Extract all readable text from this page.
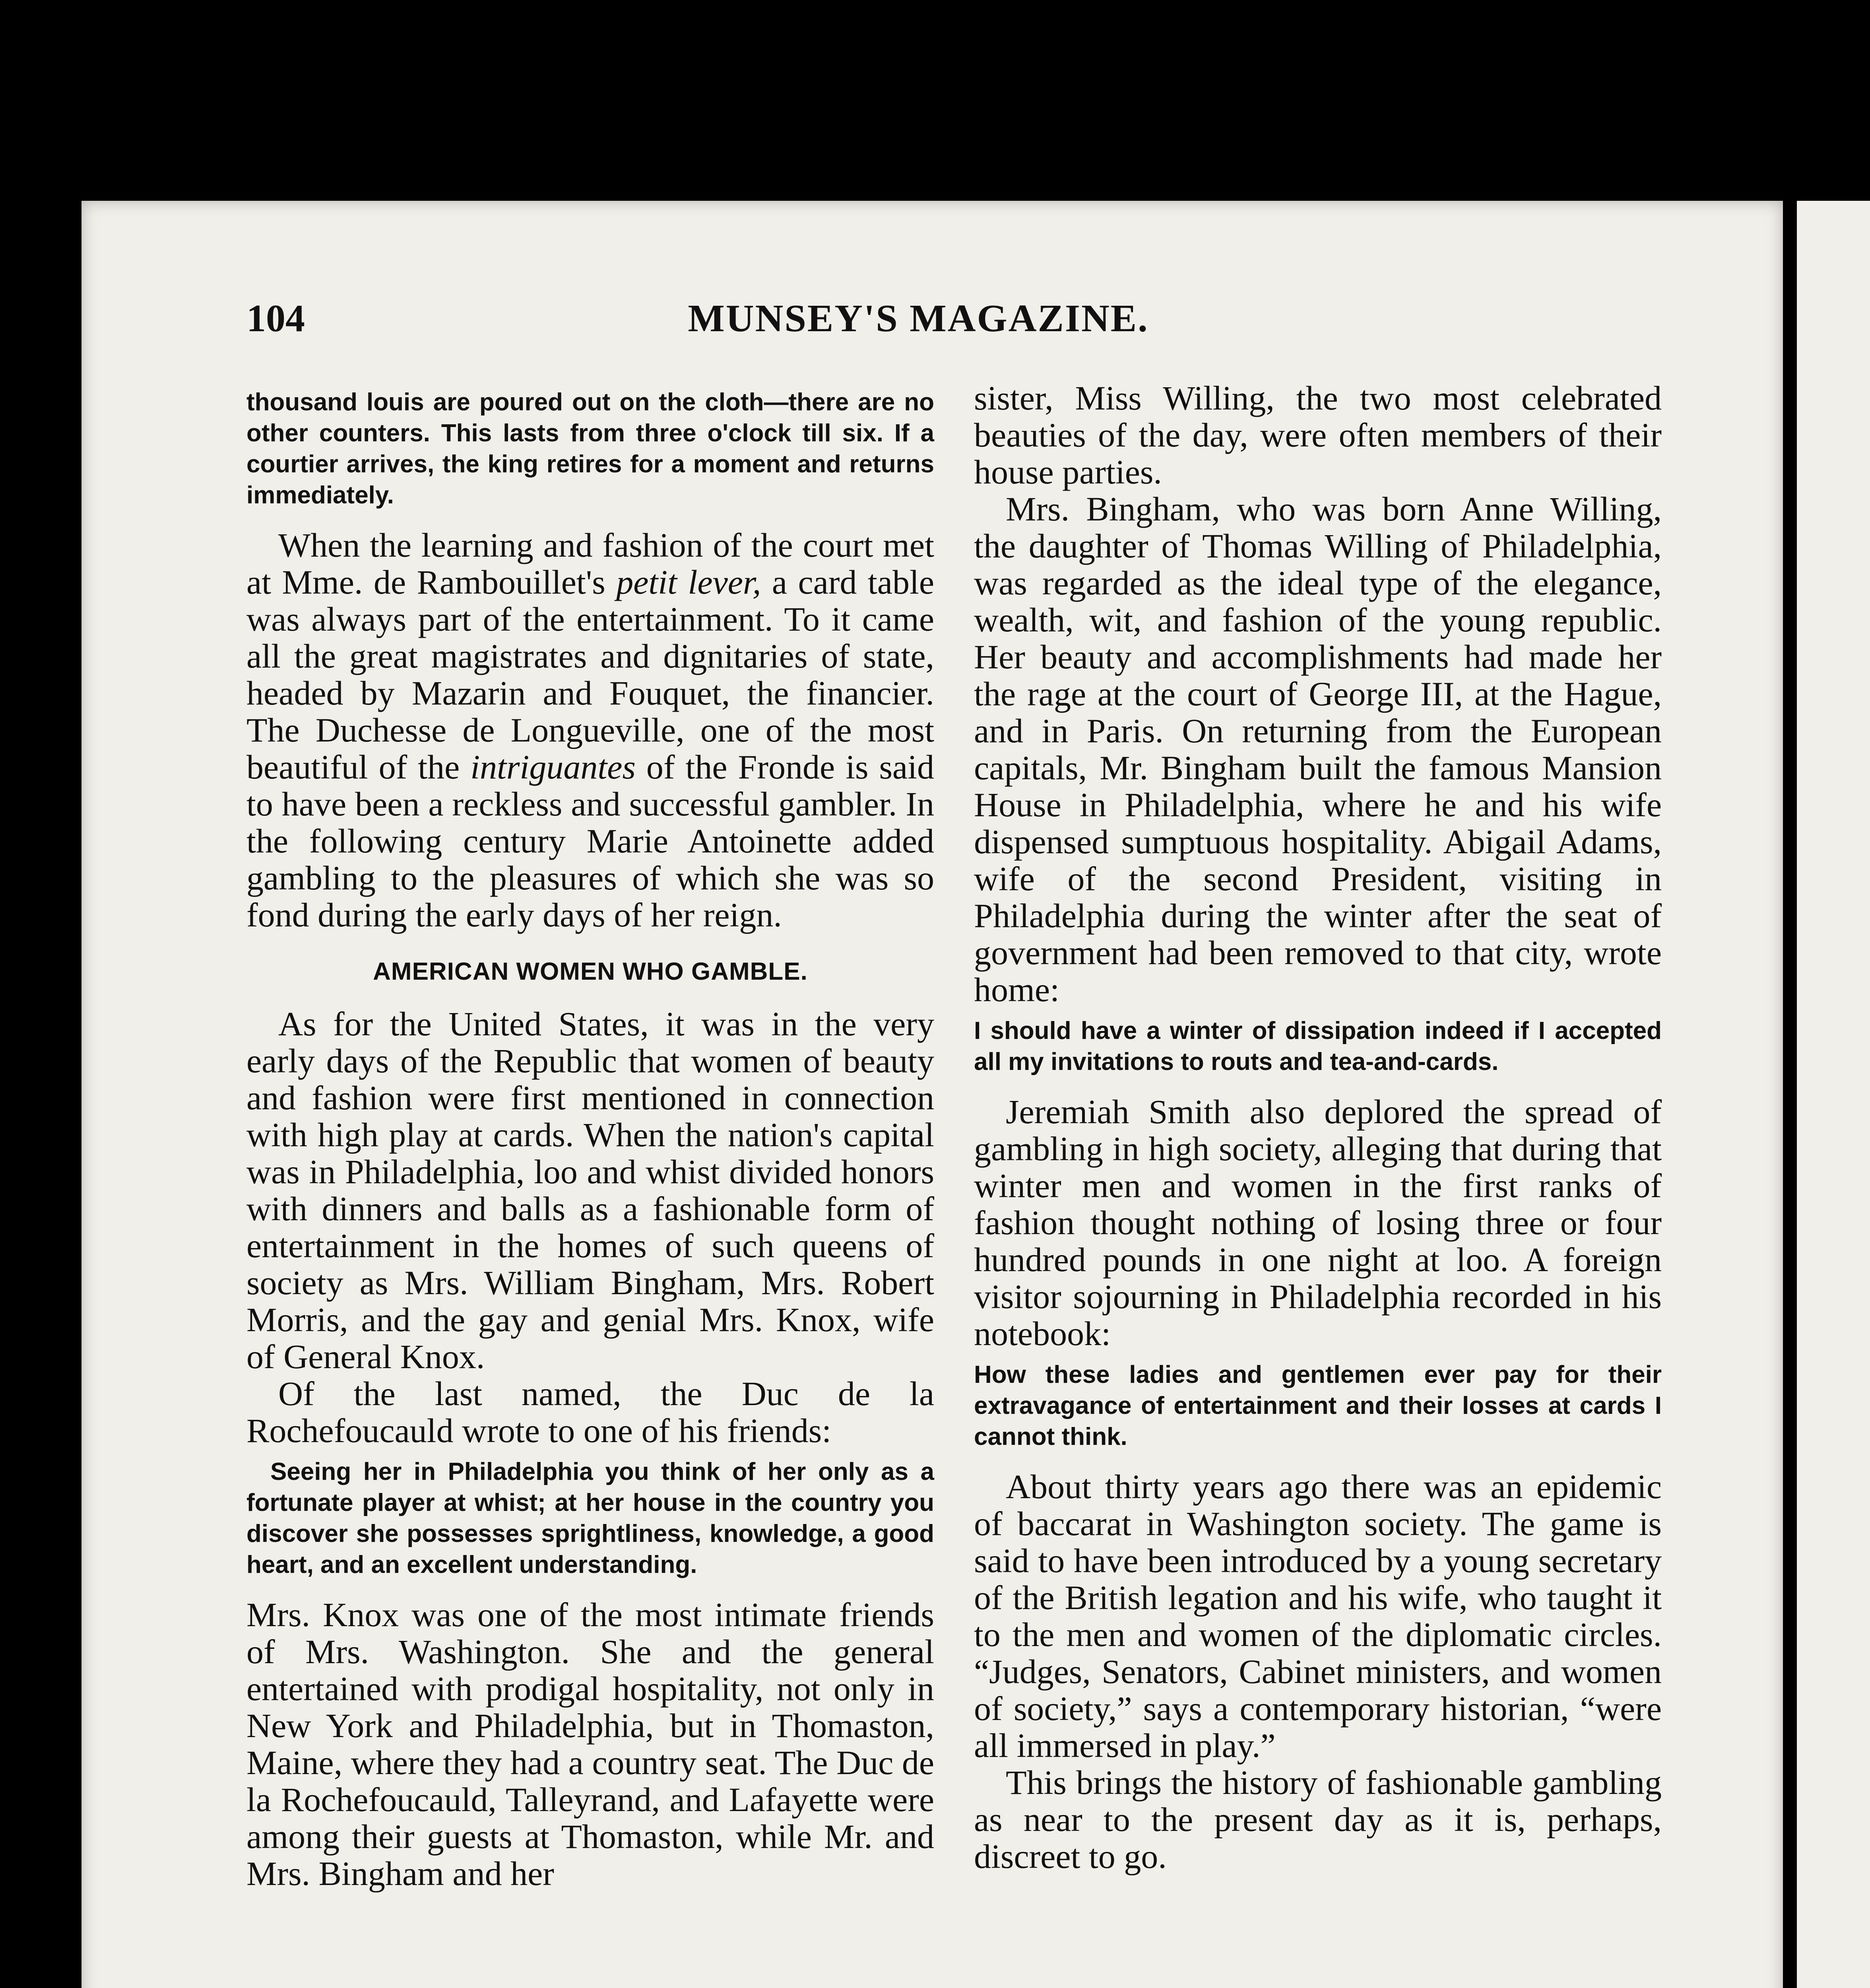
104	MUNSEY'S MAGAZINE.

thousand louis are poured out on the cloth—there are no other counters. This lasts from three o'clock till six. If a courtier arrives, the king retires for a moment and returns immediately.

When the learning and fashion of the court met at Mme. de Rambouillet's petit lever, a card table was always part of the entertainment. To it came all the great magistrates and dignitaries of state, headed by Mazarin and Fouquet, the financier. The Duchesse de Longueville, one of the most beautiful of the intriguantes of the Fronde is said to have been a reckless and successful gambler. In the following century Marie Antoinette added gambling to the pleasures of which she was so fond during the early days of her reign.

AMERICAN WOMEN WHO GAMBLE.

As for the United States, it was in the very early days of the Republic that women of beauty and fashion were first mentioned in connection with high play at cards. When the nation's capital was in Philadelphia, loo and whist divided honors with dinners and balls as a fashionable form of entertainment in the homes of such queens of society as Mrs. William Bingham, Mrs. Robert Morris, and the gay and genial Mrs. Knox, wife of General Knox.

Of the last named, the Duc de la Rochefoucauld wrote to one of his friends:

Seeing her in Philadelphia you think of her only as a fortunate player at whist; at her house in the country you discover she possesses sprightliness, knowledge, a good heart, and an excellent understanding.

Mrs. Knox was one of the most intimate friends of Mrs. Washington. She and the general entertained with prodigal hospitality, not only in New York and Philadelphia, but in Thomaston, Maine, where they had a country seat. The Duc de la Rochefoucauld, Talleyrand, and Lafayette were among their guests at Thomaston, while Mr. and Mrs. Bingham and her

sister, Miss Willing, the two most celebrated beauties of the day, were often members of their house parties.

Mrs. Bingham, who was born Anne Willing, the daughter of Thomas Willing of Philadelphia, was regarded as the ideal type of the elegance, wealth, wit, and fashion of the young republic. Her beauty and accomplishments had made her the rage at the court of George III, at the Hague, and in Paris. On returning from the European capitals, Mr. Bingham built the famous Mansion House in Philadelphia, where he and his wife dispensed sumptuous hospitality. Abigail Adams, wife of the second President, visiting in Philadelphia during the winter after the seat of government had been removed to that city, wrote home:

I should have a winter of dissipation indeed if I accepted all my invitations to routs and tea-and-cards.

Jeremiah Smith also deplored the spread of gambling in high society, alleging that during that winter men and women in the first ranks of fashion thought nothing of losing three or four hundred pounds in one night at loo. A foreign visitor sojourning in Philadelphia recorded in his notebook:

How these ladies and gentlemen ever pay for their extravagance of entertainment and their losses at cards I cannot think.

About thirty years ago there was an epidemic of baccarat in Washington society. The game is said to have been introduced by a young secretary of the British legation and his wife, who taught it to the men and women of the diplomatic circles. “Judges, Senators, Cabinet ministers, and women of society,” says a contemporary historian, “were all immersed in play.”

This brings the history of fashionable gambling as near to the present day as it is, perhaps, discreet to go.
